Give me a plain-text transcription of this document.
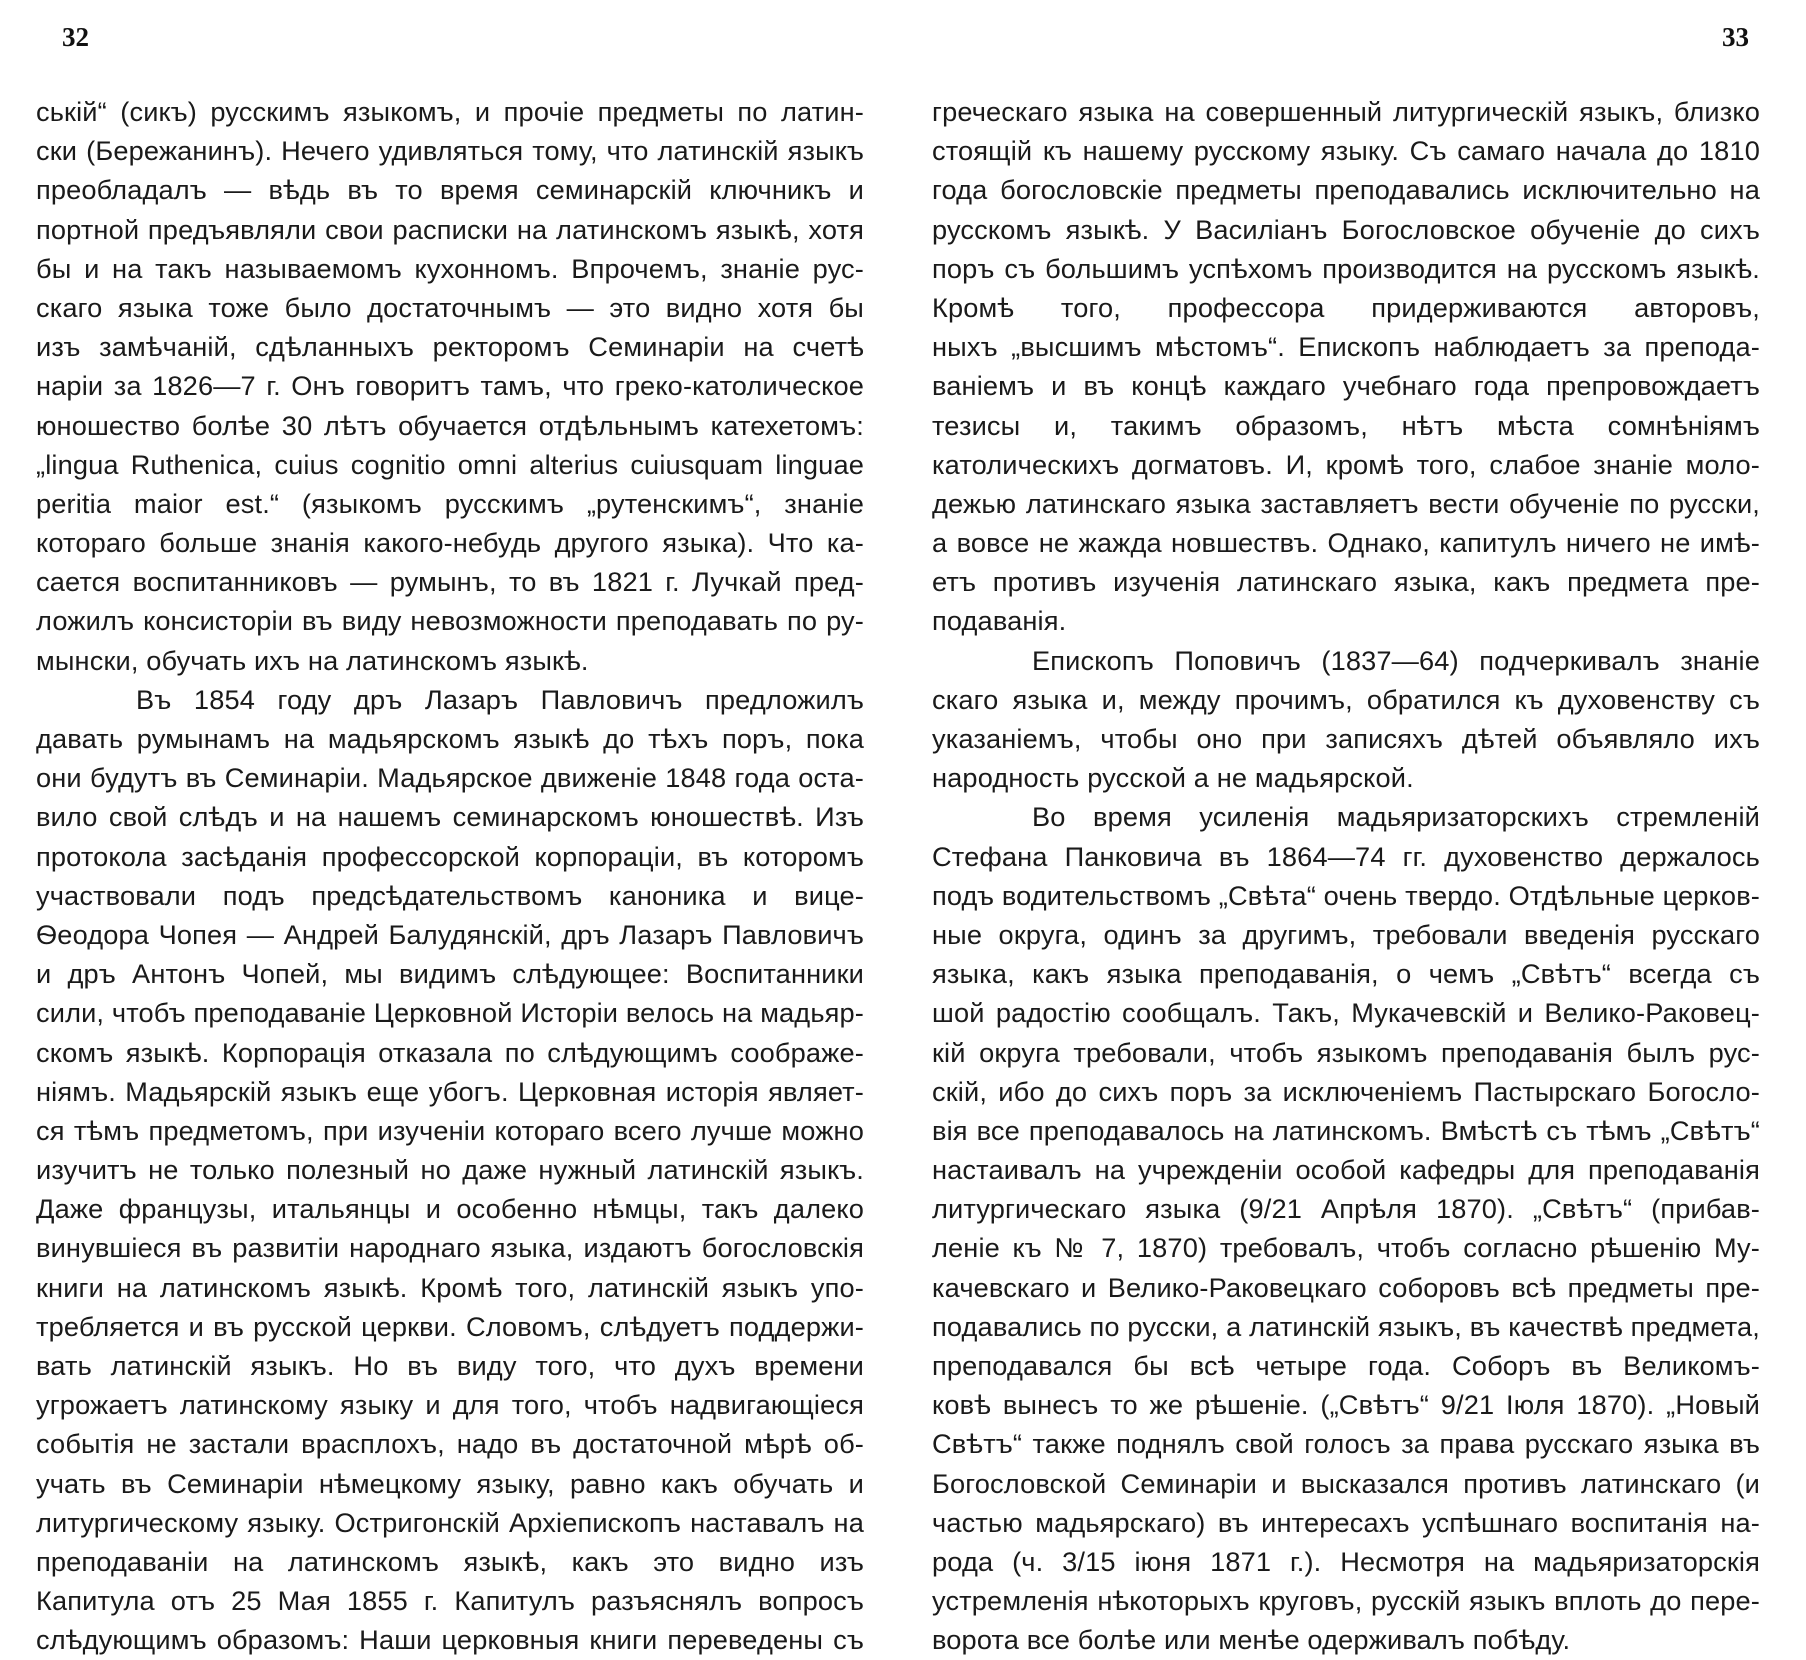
32	33
ській“ (сикъ) русскимъ языкомъ, и прочіе предметы по латин-
ски (Бережанинъ). Нечего удивляться тому, что латинскій языкъ
преобладалъ — вѣдь въ то время семинарскій ключникъ и
портной предъявляли свои расписки на латинскомъ языкѣ, хотя
бы и на такъ называемомъ кухонномъ. Впрочемъ, знаніе рус-
скаго языка тоже было достаточнымъ — это видно хотя бы
изъ замѣчаній, сдѣланныхъ ректоромъ Семинаріи на счетѣ
наріи за 1826—7 г. Онъ говоритъ тамъ, что греко-католическое
юношество болѣе 30 лѣтъ обучается отдѣльнымъ катехетомъ:
„lingua Ruthenica, cuius cognitio omni alterius cuiusquam linguae
peritia maior est.“ (языкомъ русскимъ „рутенскимъ“, знаніе
котораго больше знанія какого-небудь другого языка). Что ка-
сается воспитанниковъ — румынъ, то въ 1821 г. Лучкай пред-
ложилъ консисторіи въ виду невозможности преподавать по ру-
мынски, обучать ихъ на латинскомъ языкѣ.
Въ 1854 году дръ Лазаръ Павловичъ предложилъ
давать румынамъ на мадьярскомъ языкѣ до тѣхъ поръ, пока
они будутъ въ Семинаріи. Мадьярское движеніе 1848 года оста-
вило свой слѣдъ и на нашемъ семинарскомъ юношествѣ. Изъ
протокола засѣданія профессорской корпораціи, въ которомъ
участвовали подъ предсѣдательствомъ каноника и вице-
Ѳеодора Чопея — Андрей Балудянскій, дръ Лазаръ Павловичъ
и дръ Антонъ Чопей, мы видимъ слѣдующее: Воспитанники
сили, чтобъ преподаваніе Церковной Исторіи велось на мадьяр-
скомъ языкѣ. Корпорація отказала по слѣдующимъ соображе-
ніямъ. Мадьярскій языкъ еще убогъ. Церковная исторія являет-
ся тѣмъ предметомъ, при изученіи котораго всего лучше можно
изучитъ не только полезный но даже нужный латинскій языкъ.
Даже французы, итальянцы и особенно нѣмцы, такъ далеко
винувшіеся въ развитіи народнаго языка, издаютъ богословскія
книги на латинскомъ языкѣ. Кромѣ того, латинскій языкъ упо-
требляется и въ русской церкви. Словомъ, слѣдуетъ поддержи-
вать латинскій языкъ. Но въ виду того, что духъ времени
угрожаетъ латинскому языку и для того, чтобъ надвигающіеся
событія не застали врасплохъ, надо въ достаточной мѣрѣ об-
учать въ Семинаріи нѣмецкому языку, равно какъ обучать и
литургическому языку. Остригонскій Архіепископъ наставалъ на
преподаваніи на латинскомъ языкѣ, какъ это видно изъ
Капитула отъ 25 Мая 1855 г. Капитулъ разъяснялъ вопросъ
слѣдующимъ образомъ: Наши церковныя книги переведены съ
греческаго языка на совершенный литургическій языкъ, близко
стоящій къ нашему русскому языку. Съ самаго начала до 1810
года богословскіе предметы преподавались исключительно на
русскомъ языкѣ. У Василіанъ Богословское обученіе до сихъ
поръ съ большимъ успѣхомъ производится на русскомъ языкѣ.
Кромѣ того, профессора придерживаются авторовъ,
ныхъ „высшимъ мѣстомъ“. Епископъ наблюдаетъ за препода-
ваніемъ и въ концѣ каждаго учебнаго года препровождаетъ
тезисы и, такимъ образомъ, нѣтъ мѣста сомнѣніямъ
католическихъ догматовъ. И, кромѣ того, слабое знаніе моло-
дежью латинскаго языка заставляетъ вести обученіе по русски,
а вовсе не жажда новшествъ. Однако, капитулъ ничего не имѣ-
етъ противъ изученія латинскаго языка, какъ предмета пре-
подаванія.
Епископъ Поповичъ (1837—64) подчеркивалъ знаніе
скаго языка и, между прочимъ, обратился къ духовенству съ
указаніемъ, чтобы оно при записяхъ дѣтей объявляло ихъ
народность русской а не мадьярской.
Во время усиленія мадьяризаторскихъ стремленій
Стефана Панковича въ 1864—74 гг. духовенство держалось
подъ водительствомъ „Свѣта“ очень твердо. Отдѣльные церков-
ные округа, одинъ за другимъ, требовали введенія русскаго
языка, какъ языка преподаванія, о чемъ „Свѣтъ“ всегда съ
шой радостію сообщалъ. Такъ, Мукачевскій и Велико-Раковец-
кій округа требовали, чтобъ языкомъ преподаванія былъ рус-
скій, ибо до сихъ поръ за исключеніемъ Пастырскаго Богосло-
вія все преподавалось на латинскомъ. Вмѣстѣ съ тѣмъ „Свѣтъ“
настаивалъ на учрежденіи особой кафедры для преподаванія
литургическаго языка (9/21 Апрѣля 1870). „Свѣтъ“ (прибав-
леніе къ № 7, 1870) требовалъ, чтобъ согласно рѣшенію Му-
качевскаго и Велико-Раковецкаго соборовъ всѣ предметы пре-
подавались по русски, а латинскій языкъ, въ качествѣ предмета,
преподавался бы всѣ четыре года. Соборъ въ Великомъ-
ковѣ вынесъ то же рѣшеніе. („Свѣтъ“ 9/21 Іюля 1870). „Новый
Свѣтъ“ также поднялъ свой голосъ за права русскаго языка въ
Богословской Семинаріи и высказался противъ латинскаго (и
частью мадьярскаго) въ интересахъ успѣшнаго воспитанія на-
рода (ч. 3/15 іюня 1871 г.). Несмотря на мадьяризаторскія
устремленія нѣкоторыхъ круговъ, русскій языкъ вплоть до пере-
ворота все болѣе или менѣе одерживалъ побѣду.
